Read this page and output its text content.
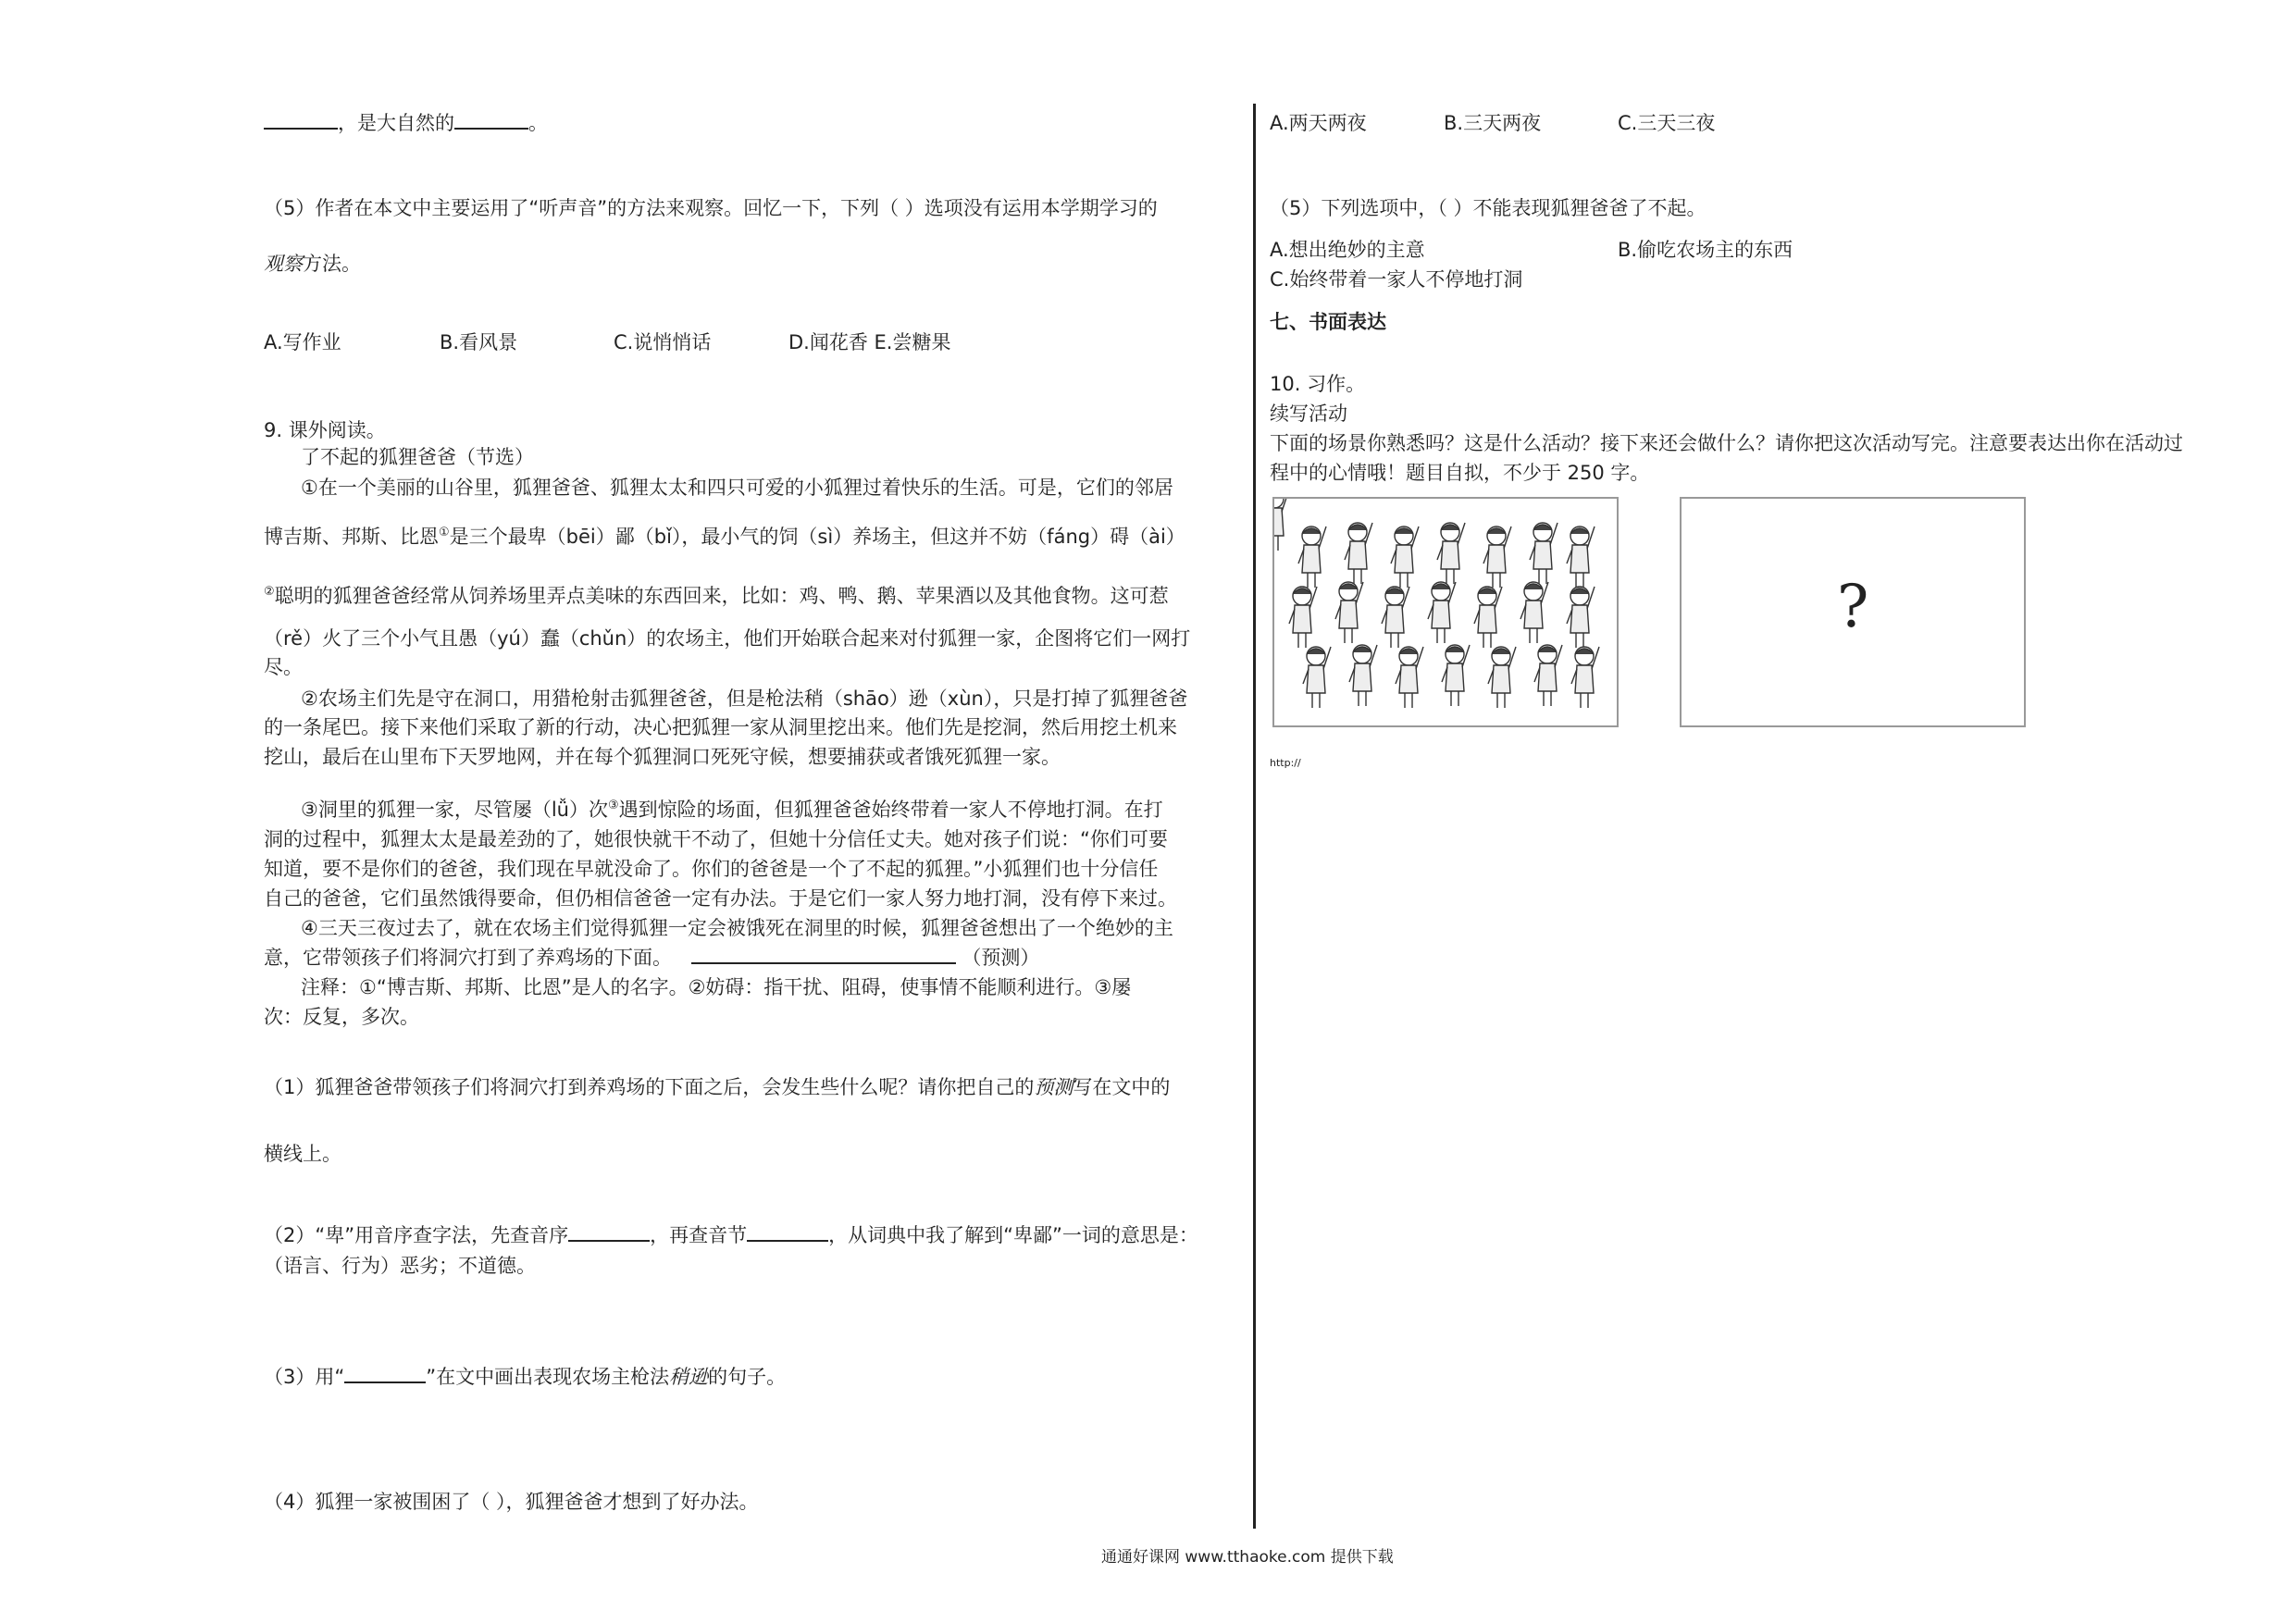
，是大自然的	。
（5）作者在本文中主要运用了“听声音”的方法来观察。回忆一下，下列（ ）选项没有运用本学期学习的
观察方法。
A.写作业	B.看风景	C.说悄悄话	D.闻花香 E.尝糖果
9. 课外阅读。
了不起的狐狸爸爸（节选）
①在一个美丽的山谷里，狐狸爸爸、狐狸太太和四只可爱的小狐狸过着快乐的生活。可是，它们的邻居
博吉斯、邦斯、比恩①是三个最卑（bēi）鄙（bǐ），最小气的饲（sì）养场主，但这并不妨（fáng）碍（ài）
②聪明的狐狸爸爸经常从饲养场里弄点美味的东西回来，比如：鸡、鸭、鹅、苹果酒以及其他食物。这可惹
（rě）火了三个小气且愚（yú）蠢（chǔn）的农场主，他们开始联合起来对付狐狸一家，企图将它们一网打
尽。
②农场主们先是守在洞口，用猎枪射击狐狸爸爸，但是枪法稍（shāo）逊（xùn），只是打掉了狐狸爸爸
的一条尾巴。接下来他们采取了新的行动，决心把狐狸一家从洞里挖出来。他们先是挖洞，然后用挖土机来
挖山，最后在山里布下天罗地网，并在每个狐狸洞口死死守候，想要捕获或者饿死狐狸一家。
③洞里的狐狸一家，尽管屡（lǚ）次③遇到惊险的场面，但狐狸爸爸始终带着一家人不停地打洞。在打
洞的过程中，狐狸太太是最差劲的了，她很快就干不动了，但她十分信任丈夫。她对孩子们说：“你们可要
知道，要不是你们的爸爸，我们现在早就没命了。你们的爸爸是一个了不起的狐狸。”小狐狸们也十分信任
自己的爸爸，它们虽然饿得要命，但仍相信爸爸一定有办法。于是它们一家人努力地打洞，没有停下来过。
④三天三夜过去了，就在农场主们觉得狐狸一定会被饿死在洞里的时候，狐狸爸爸想出了一个绝妙的主
意，它带领孩子们将洞穴打到了养鸡场的下面。	（预测）
注释：①“博吉斯、邦斯、比恩”是人的名字。②妨碍：指干扰、阻碍，使事情不能顺利进行。③屡
次：反复，多次。
（1）狐狸爸爸带领孩子们将洞穴打到养鸡场的下面之后，会发生些什么呢？请你把自己的预测写在文中的
横线上。
（2）“卑”用音序查字法，先查音序	，再查音节	，从词典中我了解到“卑鄙”一词的意思是：
（语言、行为）恶劣；不道德。
（3）用“	”在文中画出表现农场主枪法稍逊的句子。
（4）狐狸一家被围困了（ ），狐狸爸爸才想到了好办法。
A.两天两夜	B.三天两夜	C.三天三夜
（5）下列选项中，（ ）不能表现狐狸爸爸了不起。
A.想出绝妙的主意	B.偷吃农场主的东西
C.始终带着一家人不停地打洞
七、书面表达
10. 习作。
续写活动
下面的场景你熟悉吗？这是什么活动？接下来还会做什么？请你把这次活动写完。注意要表达出你在活动过
程中的心情哦！题目自拟，不少于 250 字。
?
http://
通通好课网 www.tthaoke.com 提供下载
